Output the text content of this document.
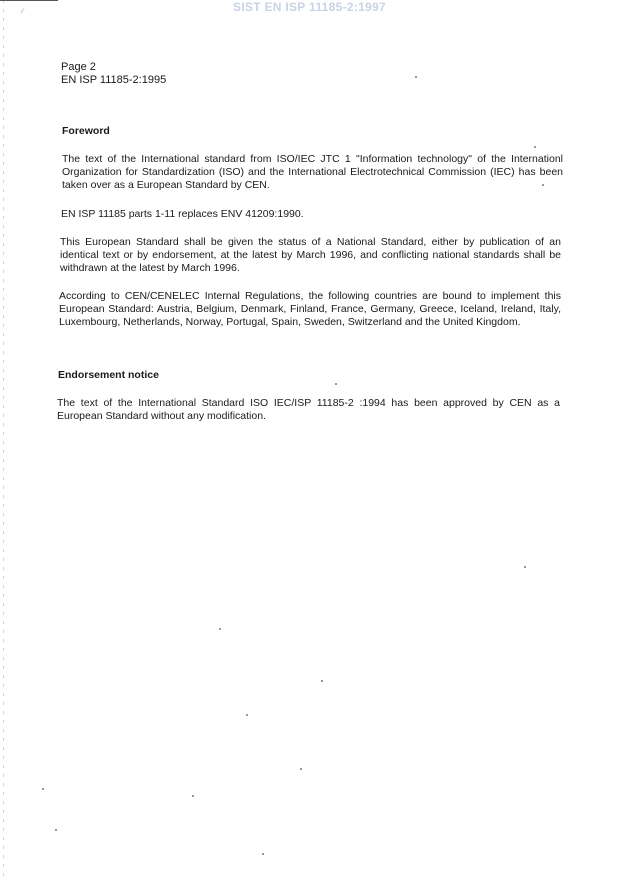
·⁄	SIST EN ISP 11185-2:1997
Page 2
EN ISP 11185-2:1995
Foreword
The text of the International standard from ISO/IEC JTC 1 "Information technology" of the Internationl Organization for Standardization (ISO) and the International Electrotechnical Commission (IEC) has been taken over as a European Standard by CEN.
EN ISP 11185 parts 1-11 replaces ENV 41209:1990.
This European Standard shall be given the status of a National Standard, either by publication of an identical text or by endorsement, at the latest by March 1996, and conflicting national standards shall be withdrawn at the latest by March 1996.
According to CEN/CENELEC Internal Regulations, the following countries are bound to implement this European Standard: Austria, Belgium, Denmark, Finland, France, Germany, Greece, Iceland, Ireland, Italy, Luxembourg, Netherlands, Norway, Portugal, Spain, Sweden, Switzerland and the United Kingdom.
Endorsement notice
The text of the International Standard ISO IEC/ISP 11185-2 :1994 has been approved by CEN as a European Standard without any modification.
